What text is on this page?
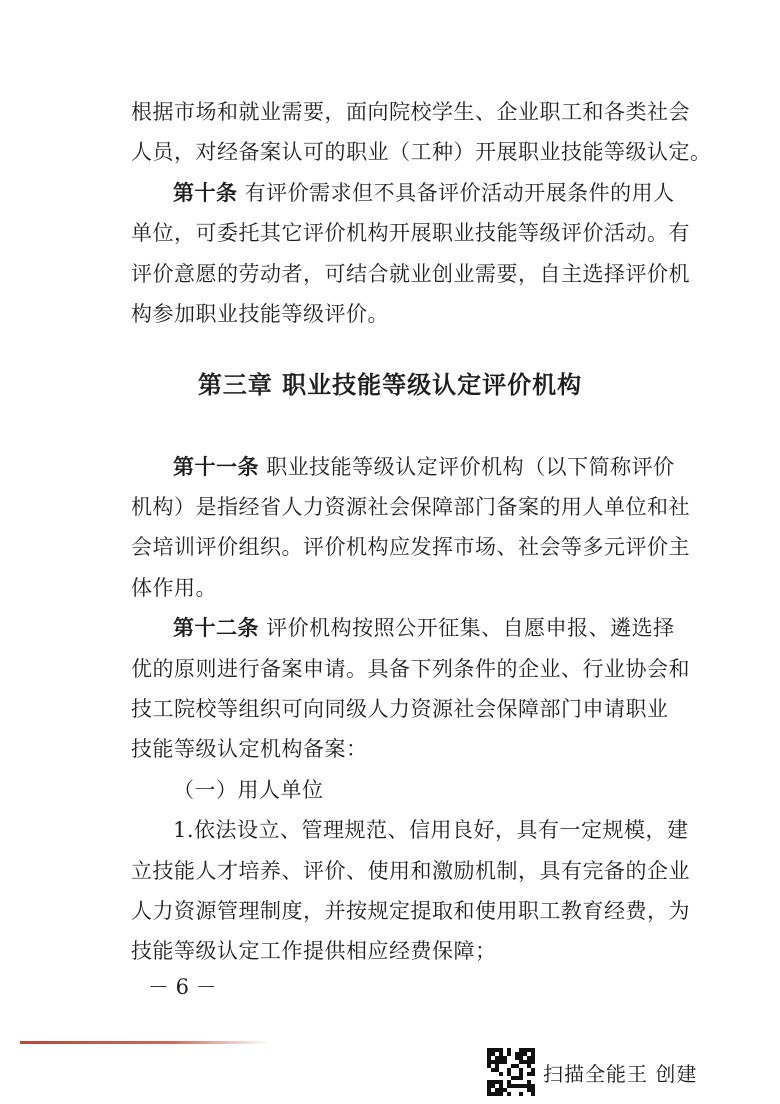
根据市场和就业需要，面向院校学生、企业职工和各类社会
人员，对经备案认可的职业（工种）开展职业技能等级认定。
第十条 有评价需求但不具备评价活动开展条件的用人
单位，可委托其它评价机构开展职业技能等级评价活动。有
评价意愿的劳动者，可结合就业创业需要，自主选择评价机
构参加职业技能等级评价。
第三章 职业技能等级认定评价机构
第十一条 职业技能等级认定评价机构（以下简称评价
机构）是指经省人力资源社会保障部门备案的用人单位和社
会培训评价组织。评价机构应发挥市场、社会等多元评价主
体作用。
第十二条 评价机构按照公开征集、自愿申报、遴选择
优的原则进行备案申请。具备下列条件的企业、行业协会和
技工院校等组织可向同级人力资源社会保障部门申请职业
技能等级认定机构备案：
（一）用人单位
1.依法设立、管理规范、信用良好，具有一定规模，建
立技能人才培养、评价、使用和激励机制，具有完备的企业
人力资源管理制度，并按规定提取和使用职工教育经费，为
技能等级认定工作提供相应经费保障；
－ 6 －
扫描全能王 创建
